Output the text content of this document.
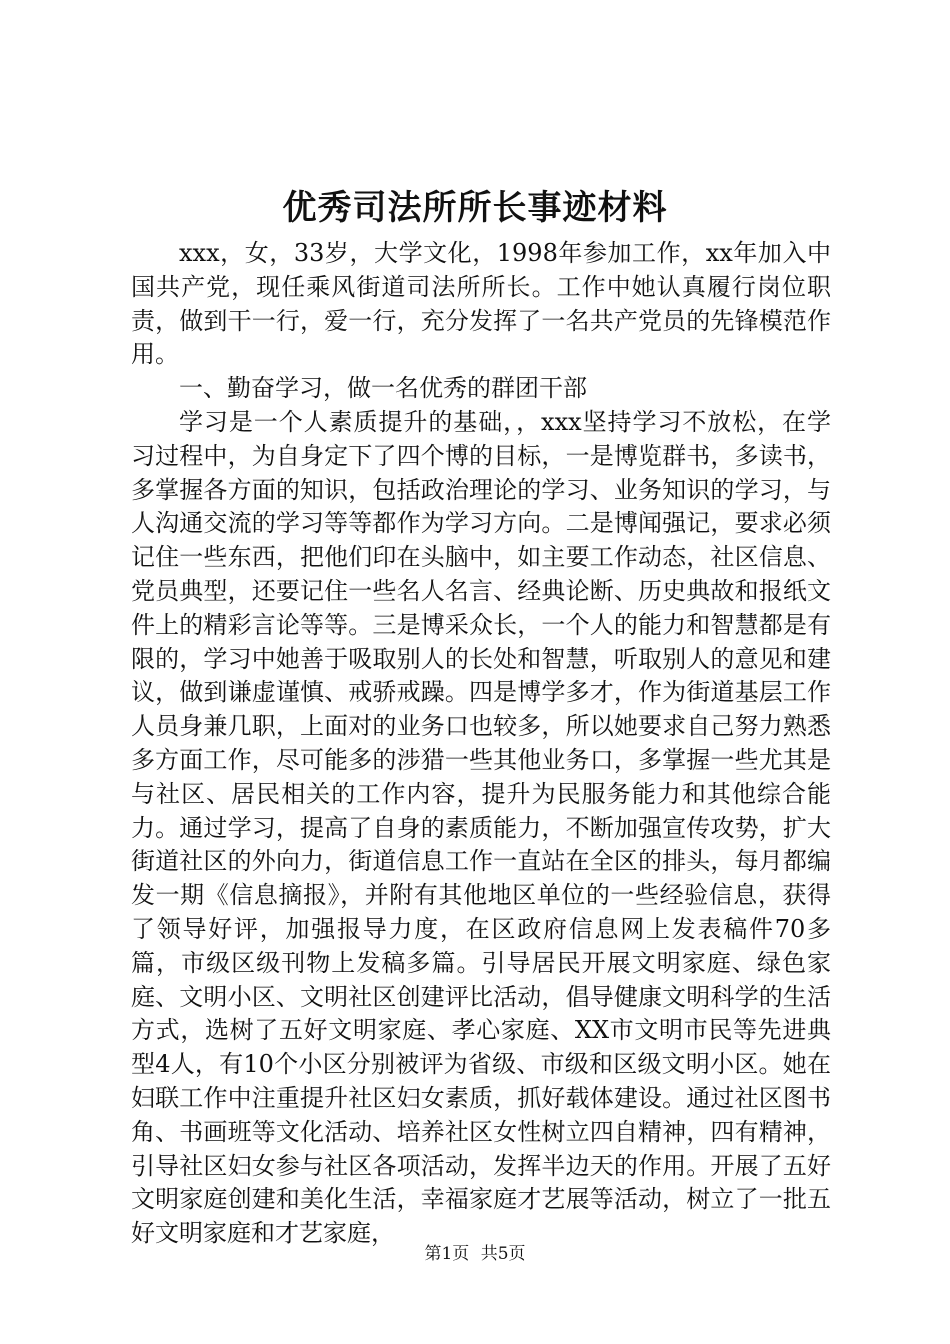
优秀司法所所长事迹材料

xxx，女，33岁，大学文化，1998年参加工作，xx年加入中国共产党，现任乘风街道司法所所长。工作中她认真履行岗位职责，做到干一行，爱一行，充分发挥了一名共产党员的先锋模范作用。

一、勤奋学习，做一名优秀的群团干部

学习是一个人素质提升的基础，，xxx坚持学习不放松，在学习过程中，为自身定下了四个博的目标，一是博览群书，多读书，多掌握各方面的知识，包括政治理论的学习、业务知识的学习，与人沟通交流的学习等等都作为学习方向。二是博闻强记，要求必须记住一些东西，把他们印在头脑中，如主要工作动态，社区信息、党员典型，还要记住一些名人名言、经典论断、历史典故和报纸文件上的精彩言论等等。三是博采众长，一个人的能力和智慧都是有限的，学习中她善于吸取别人的长处和智慧，听取别人的意见和建议，做到谦虚谨慎、戒骄戒躁。四是博学多才，作为街道基层工作人员身兼几职，上面对的业务口也较多，所以她要求自己努力熟悉多方面工作，尽可能多的涉猎一些其他业务口，多掌握一些尤其是与社区、居民相关的工作内容，提升为民服务能力和其他综合能力。通过学习，提高了自身的素质能力，不断加强宣传攻势，扩大街道社区的外向力，街道信息工作一直站在全区的排头，每月都编发一期《信息摘报》，并附有其他地区单位的一些经验信息，获得了领导好评，加强报导力度，在区政府信息网上发表稿件70多篇，市级区级刊物上发稿多篇。引导居民开展文明家庭、绿色家庭、文明小区、文明社区创建评比活动，倡导健康文明科学的生活方式，选树了五好文明家庭、孝心家庭、XX市文明市民等先进典型4人，有10个小区分别被评为省级、市级和区级文明小区。她在妇联工作中注重提升社区妇女素质，抓好载体建设。通过社区图书角、书画班等文化活动、培养社区女性树立四自精神，四有精神，引导社区妇女参与社区各项活动，发挥半边天的作用。开展了五好文明家庭创建和美化生活，幸福家庭才艺展等活动，树立了一批五好文明家庭和才艺家庭，

第1页 共5页
